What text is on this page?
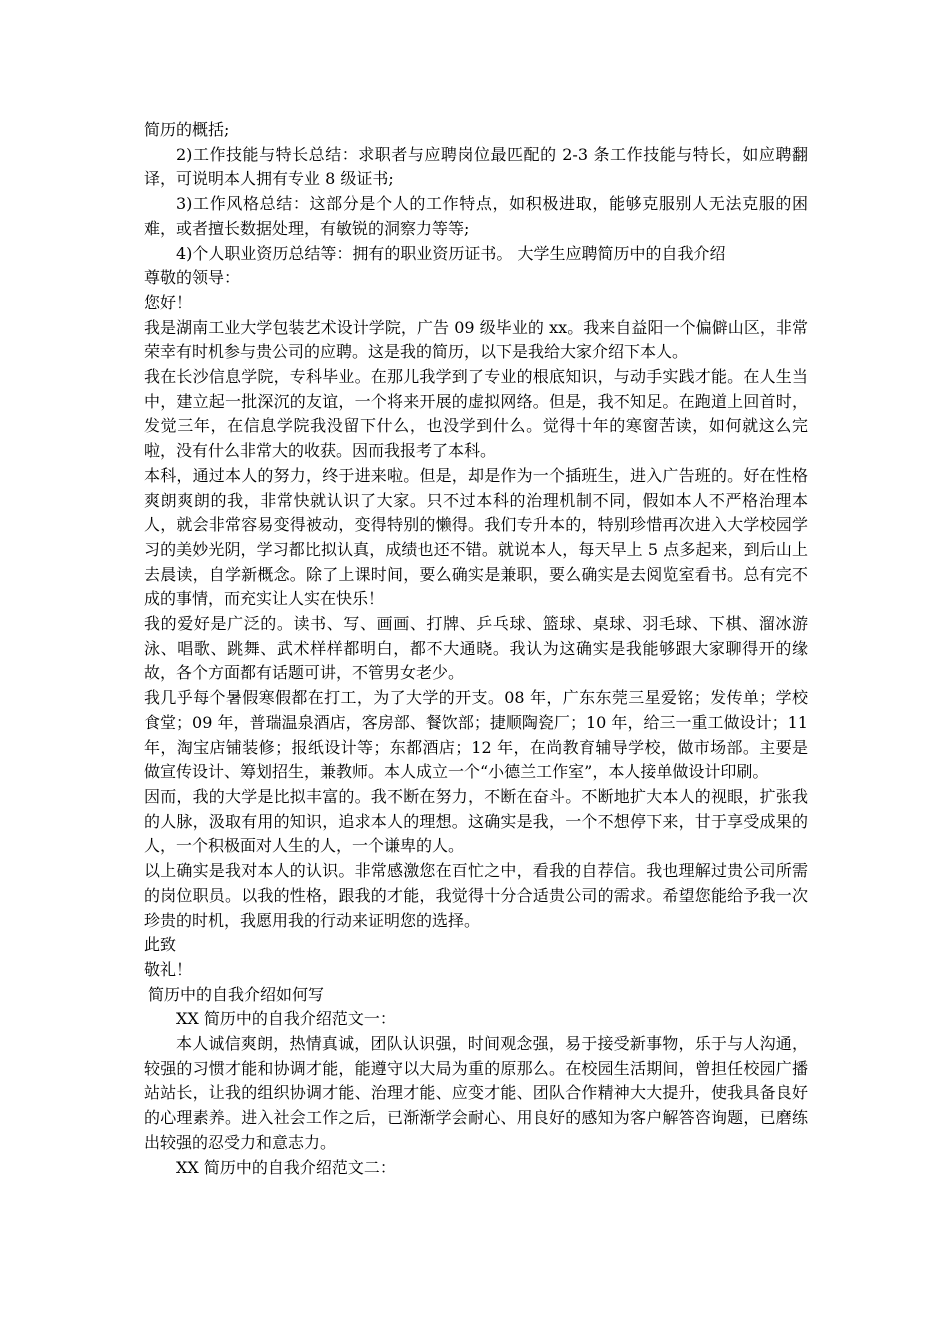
简历的概括;

2)工作技能与特长总结：求职者与应聘岗位最匹配的 2-3 条工作技能与特长，如应聘翻译，可说明本人拥有专业 8 级证书;

3)工作风格总结：这部分是个人的工作特点，如积极进取，能够克服别人无法克服的困难，或者擅长数据处理，有敏锐的洞察力等等;

4)个人职业资历总结等：拥有的职业资历证书。 大学生应聘简历中的自我介绍

尊敬的领导：

您好！

我是湖南工业大学包装艺术设计学院，广告 09 级毕业的 xx。我来自益阳一个偏僻山区，非常荣幸有时机参与贵公司的应聘。这是我的简历，以下是我给大家介绍下本人。

我在长沙信息学院，专科毕业。在那儿我学到了专业的根底知识，与动手实践才能。在人生当中，建立起一批深沉的友谊，一个将来开展的虚拟网络。但是，我不知足。在跑道上回首时，发觉三年，在信息学院我没留下什么，也没学到什么。觉得十年的寒窗苦读，如何就这么完啦，没有什么非常大的收获。因而我报考了本科。

本科，通过本人的努力，终于进来啦。但是，却是作为一个插班生，进入广告班的。好在性格爽朗爽朗的我，非常快就认识了大家。只不过本科的治理机制不同，假如本人不严格治理本人，就会非常容易变得被动，变得特别的懒得。我们专升本的，特别珍惜再次进入大学校园学习的美妙光阴，学习都比拟认真，成绩也还不错。就说本人，每天早上 5 点多起来，到后山上去晨读，自学新概念。除了上课时间，要么确实是兼职，要么确实是去阅览室看书。总有完不成的事情，而充实让人实在快乐！

我的爱好是广泛的。读书、写、画画、打牌、乒乓球、篮球、桌球、羽毛球、下棋、溜冰游泳、唱歌、跳舞、武术样样都明白，都不大通晓。我认为这确实是我能够跟大家聊得开的缘故，各个方面都有话题可讲，不管男女老少。

我几乎每个暑假寒假都在打工，为了大学的开支。08 年，广东东莞三星爱铭；发传单；学校食堂；09 年，普瑞温泉酒店，客房部、餐饮部；捷顺陶瓷厂；10 年，给三一重工做设计；11 年，淘宝店铺装修；报纸设计等；东都酒店；12 年，在尚教育辅导学校，做市场部。主要是做宣传设计、筹划招生，兼教师。本人成立一个“小德兰工作室”，本人接单做设计印刷。

因而，我的大学是比拟丰富的。我不断在努力，不断在奋斗。不断地扩大本人的视眼，扩张我的人脉，汲取有用的知识，追求本人的理想。这确实是我，一个不想停下来，甘于享受成果的人，一个积极面对人生的人，一个谦卑的人。

以上确实是我对本人的认识。非常感激您在百忙之中，看我的自荐信。我也理解过贵公司所需的岗位职员。以我的性格，跟我的才能，我觉得十分合适贵公司的需求。希望您能给予我一次珍贵的时机，我愿用我的行动来证明您的选择。

此致

敬礼！

简历中的自我介绍如何写

XX 简历中的自我介绍范文一：

本人诚信爽朗，热情真诚，团队认识强，时间观念强，易于接受新事物，乐于与人沟通，较强的习惯才能和协调才能，能遵守以大局为重的原那么。在校园生活期间，曾担任校园广播站站长，让我的组织协调才能、治理才能、应变才能、团队合作精神大大提升，使我具备良好的心理素养。进入社会工作之后，已渐渐学会耐心、用良好的感知为客户解答咨询题，已磨练出较强的忍受力和意志力。

XX 简历中的自我介绍范文二：
